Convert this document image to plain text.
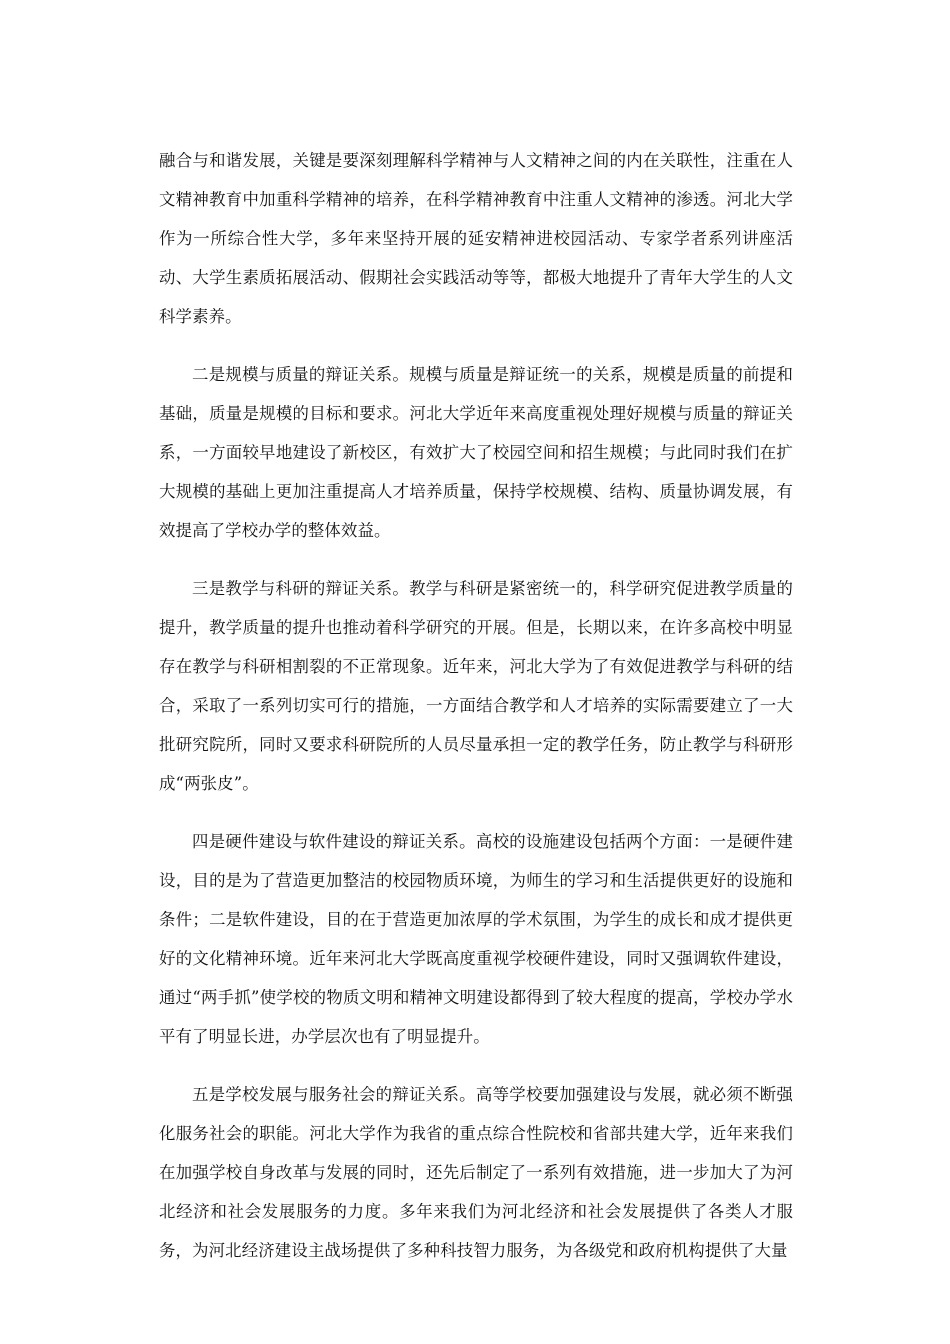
融合与和谐发展，关键是要深刻理解科学精神与人文精神之间的内在关联性，注重在人文精神教育中加重科学精神的培养，在科学精神教育中注重人文精神的渗透。河北大学作为一所综合性大学，多年来坚持开展的延安精神进校园活动、专家学者系列讲座活动、大学生素质拓展活动、假期社会实践活动等等，都极大地提升了青年大学生的人文科学素养。

二是规模与质量的辩证关系。规模与质量是辩证统一的关系，规模是质量的前提和基础，质量是规模的目标和要求。河北大学近年来高度重视处理好规模与质量的辩证关系，一方面较早地建设了新校区，有效扩大了校园空间和招生规模；与此同时我们在扩大规模的基础上更加注重提高人才培养质量，保持学校规模、结构、质量协调发展，有效提高了学校办学的整体效益。

三是教学与科研的辩证关系。教学与科研是紧密统一的，科学研究促进教学质量的提升，教学质量的提升也推动着科学研究的开展。但是，长期以来，在许多高校中明显存在教学与科研相割裂的不正常现象。近年来，河北大学为了有效促进教学与科研的结合，采取了一系列切实可行的措施，一方面结合教学和人才培养的实际需要建立了一大批研究院所，同时又要求科研院所的人员尽量承担一定的教学任务，防止教学与科研形成“两张皮”。

四是硬件建设与软件建设的辩证关系。高校的设施建设包括两个方面：一是硬件建设，目的是为了营造更加整洁的校园物质环境，为师生的学习和生活提供更好的设施和条件；二是软件建设，目的在于营造更加浓厚的学术氛围，为学生的成长和成才提供更好的文化精神环境。近年来河北大学既高度重视学校硬件建设，同时又强调软件建设，通过“两手抓”使学校的物质文明和精神文明建设都得到了较大程度的提高，学校办学水平有了明显长进，办学层次也有了明显提升。

五是学校发展与服务社会的辩证关系。高等学校要加强建设与发展，就必须不断强化服务社会的职能。河北大学作为我省的重点综合性院校和省部共建大学，近年来我们在加强学校自身改革与发展的同时，还先后制定了一系列有效措施，进一步加大了为河北经济和社会发展服务的力度。多年来我们为河北经济和社会发展提供了各类人才服务，为河北经济建设主战场提供了多种科技智力服务，为各级党和政府机构提供了大量
